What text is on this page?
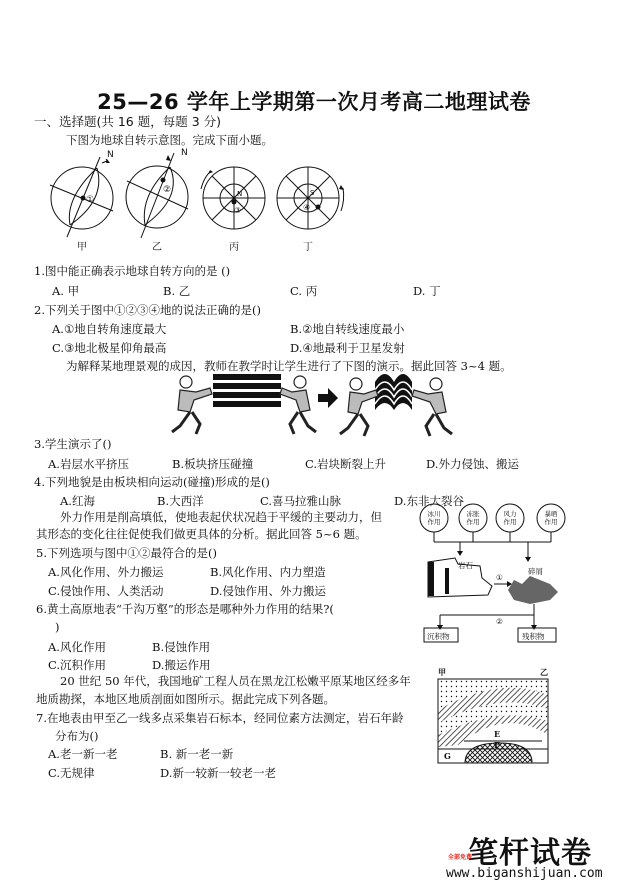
25—26 学年上学期第一次月考高二地理试卷
一、选择题(共 16 题，每题 3 分)
下图为地球自转示意图。完成下面小题。
N	N
N	S
①
②
③	④
甲	乙	丙	丁
1.图中能正确表示地球自转方向的是 ()
A. 甲	B. 乙	C. 丙	D. 丁
2.下列关于图中①②③④地的说法正确的是()
A.①地自转角速度最大	B.②地自转线速度最小
C.③地北极星仰角最高	D.④地最利于卫星发射
为解释某地理景观的成因，教师在教学时让学生进行了下图的演示。据此回答 3~4 题。
3.学生演示了()
A.岩层水平挤压	B.板块挤压碰撞	C.岩块断裂上升	D.外力侵蚀、搬运
4.下列地貌是由板块相向运动(碰撞)形成的是()
A.红海	B.大西洋	C.喜马拉雅山脉	D.东非大裂谷
外力作用是削高填低，使地表起伏状况趋于平缓的主要动力，但
其形态的变化往往促使我们做更具体的分析。据此回答 5~6 题。
5.下列选项与图中①②最符合的是()
A.风化作用、外力搬运	B.风化作用、内力塑造
C.侵蚀作用、人类活动	D.侵蚀作用、外力搬运
6.黄土高原地表“千沟万壑”的形态是哪种外力作用的结果?(
)
A.风化作用	B.侵蚀作用
C.沉积作用	D.搬运作用
冰川
作用
冻胀
作用
风力
作用
暴晒
作用
岩石
碎屑
①
②
沉积物	残积物
20 世纪 50 年代，我国地矿工程人员在黑龙江松嫩平原某地区经多年
地质勘探，本地区地质剖面如图所示。据此完成下列各题。
7.在地表由甲至乙一线多点采集岩石标本，经同位素方法测定，岩石年龄
分布为()
A.老一新一老	B. 新一老一新
C.无规律	D.新一较新一较老一老
E
F
G
甲	乙
笔杆试卷
全部免费
www.biganshijuan.com
